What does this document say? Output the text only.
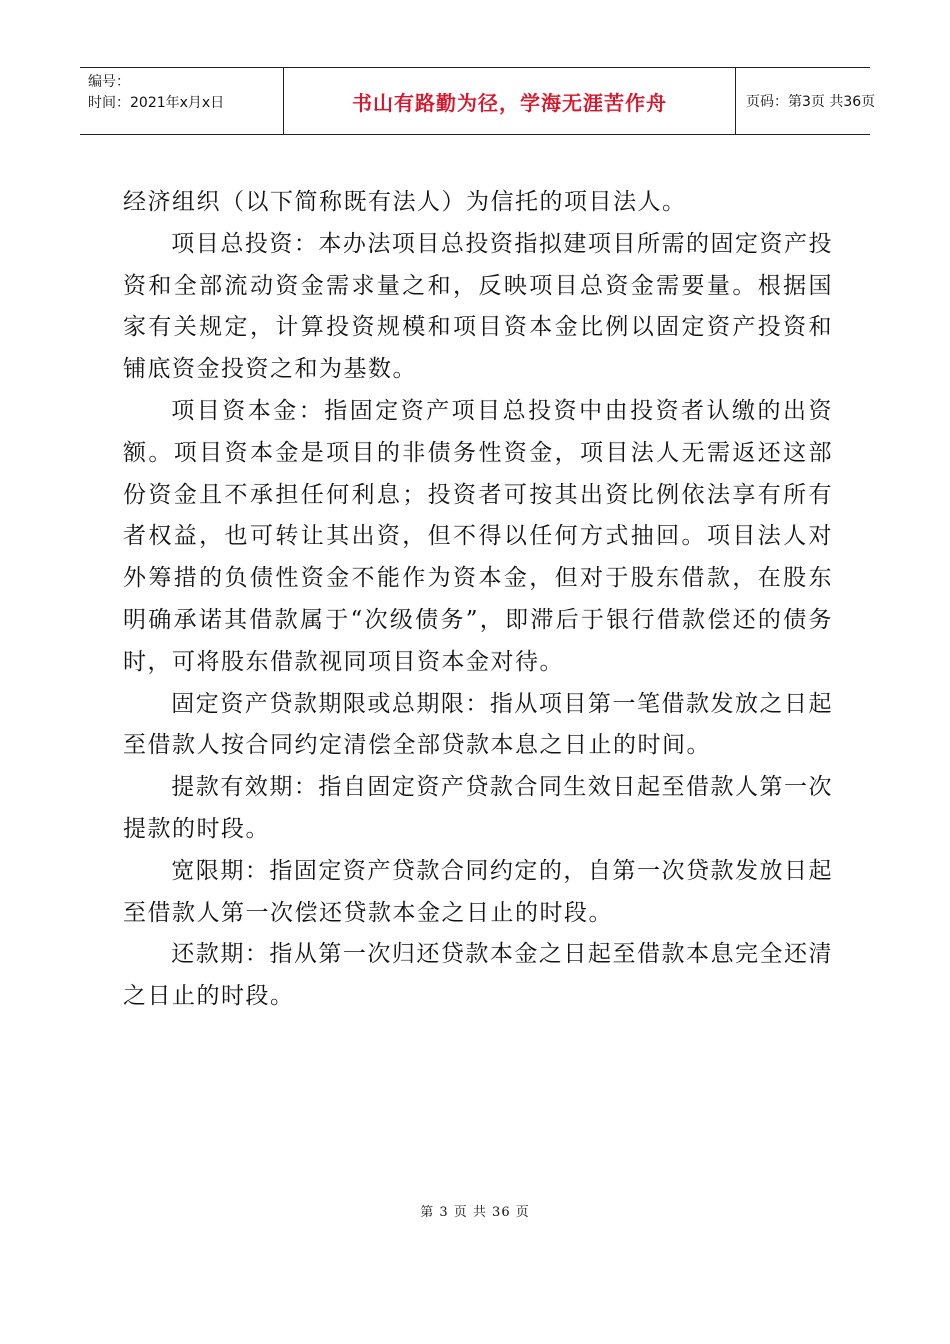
编号：
时间：2021年x月x日	书山有路勤为径，学海无涯苦作舟	页码：第3页 共36页

经济组织（以下简称既有法人）为信托的项目法人。

项目总投资：本办法项目总投资指拟建项目所需的固定资产投资和全部流动资金需求量之和，反映项目总资金需要量。根据国家有关规定，计算投资规模和项目资本金比例以固定资产投资和铺底资金投资之和为基数。

项目资本金：指固定资产项目总投资中由投资者认缴的出资额。项目资本金是项目的非债务性资金，项目法人无需返还这部份资金且不承担任何利息；投资者可按其出资比例依法享有所有者权益，也可转让其出资，但不得以任何方式抽回。项目法人对外筹措的负债性资金不能作为资本金，但对于股东借款，在股东明确承诺其借款属于“次级债务”，即滞后于银行借款偿还的债务时，可将股东借款视同项目资本金对待。

固定资产贷款期限或总期限：指从项目第一笔借款发放之日起至借款人按合同约定清偿全部贷款本息之日止的时间。

提款有效期：指自固定资产贷款合同生效日起至借款人第一次提款的时段。

宽限期：指固定资产贷款合同约定的，自第一次贷款发放日起至借款人第一次偿还贷款本金之日止的时段。

还款期：指从第一次归还贷款本金之日起至借款本息完全还清之日止的时段。

第 3 页 共 36 页
